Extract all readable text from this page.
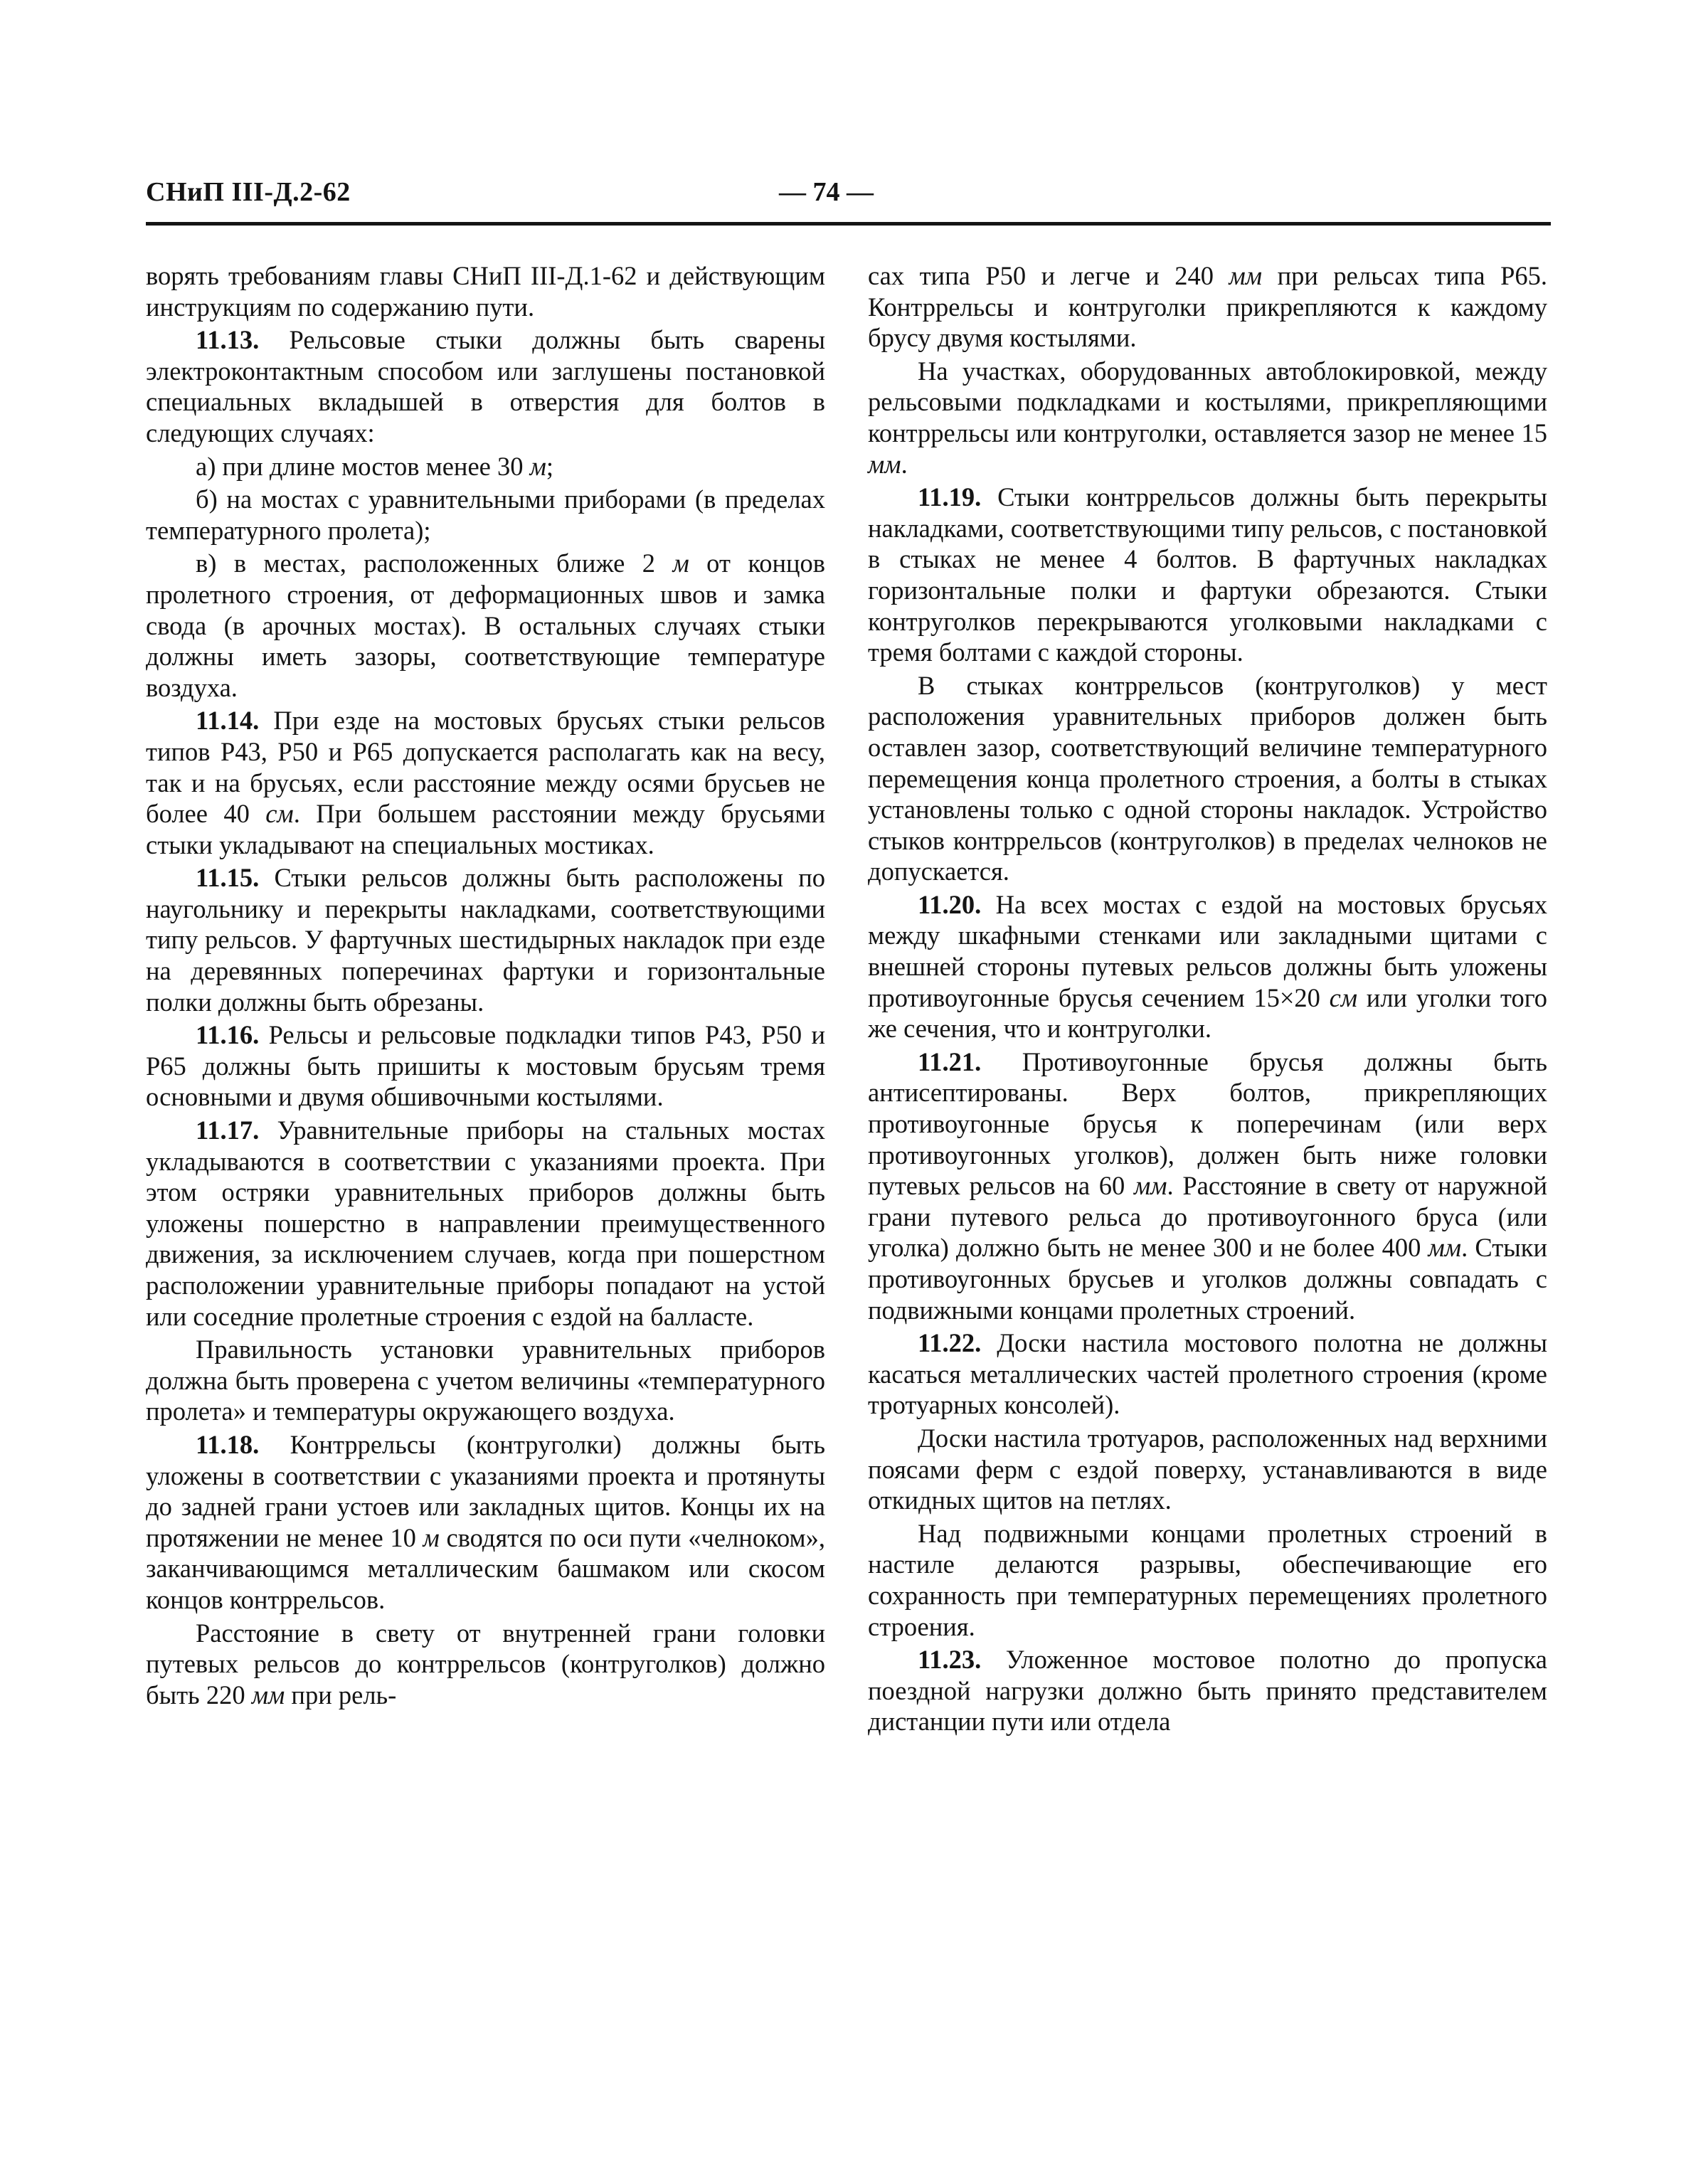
СНиП III-Д.2-62	— 74 —

ворять требованиям главы СНиП III-Д.1-62 и действующим инструкциям по содержанию пути.

11.13. Рельсовые стыки должны быть сварены электроконтактным способом или заглушены постановкой специальных вкладышей в отверстия для болтов в следующих случаях:

а) при длине мостов менее 30 м;

б) на мостах с уравнительными приборами (в пределах температурного пролета);

в) в местах, расположенных ближе 2 м от концов пролетного строения, от деформационных швов и замка свода (в арочных мостах). В остальных случаях стыки должны иметь зазоры, соответствующие температуре воздуха.

11.14. При езде на мостовых брусьях стыки рельсов типов Р43, Р50 и Р65 допускается располагать как на весу, так и на брусьях, если расстояние между осями брусьев не более 40 см. При большем расстоянии между брусьями стыки укладывают на специальных мостиках.

11.15. Стыки рельсов должны быть расположены по наугольнику и перекрыты накладками, соответствующими типу рельсов. У фартучных шестидырных накладок при езде на деревянных поперечинах фартуки и горизонтальные полки должны быть обрезаны.

11.16. Рельсы и рельсовые подкладки типов Р43, Р50 и Р65 должны быть пришиты к мостовым брусьям тремя основными и двумя обшивочными костылями.

11.17. Уравнительные приборы на стальных мостах укладываются в соответствии с указаниями проекта. При этом остряки уравнительных приборов должны быть уложены пошерстно в направлении преимущественного движения, за исключением случаев, когда при пошерстном расположении уравнительные приборы попадают на устой или соседние пролетные строения с ездой на балласте.

Правильность установки уравнительных приборов должна быть проверена с учетом величины «температурного пролета» и температуры окружающего воздуха.

11.18. Контррельсы (контруголки) должны быть уложены в соответствии с указаниями проекта и протянуты до задней грани устоев или закладных щитов. Концы их на протяжении не менее 10 м сводятся по оси пути «челноком», заканчивающимся металлическим башмаком или скосом концов контррельсов.

Расстояние в свету от внутренней грани головки путевых рельсов до контррельсов (контруголков) должно быть 220 мм при рель-

сах типа Р50 и легче и 240 мм при рельсах типа Р65. Контррельсы и контруголки прикрепляются к каждому брусу двумя костылями.

На участках, оборудованных автоблокировкой, между рельсовыми подкладками и костылями, прикрепляющими контррельсы или контруголки, оставляется зазор не менее 15 мм.

11.19. Стыки контррельсов должны быть перекрыты накладками, соответствующими типу рельсов, с постановкой в стыках не менее 4 болтов. В фартучных накладках горизонтальные полки и фартуки обрезаются. Стыки контруголков перекрываются уголковыми накладками с тремя болтами с каждой стороны.

В стыках контррельсов (контруголков) у мест расположения уравнительных приборов должен быть оставлен зазор, соответствующий величине температурного перемещения конца пролетного строения, а болты в стыках установлены только с одной стороны накладок. Устройство стыков контррельсов (контруголков) в пределах челноков не допускается.

11.20. На всех мостах с ездой на мостовых брусьях между шкафными стенками или закладными щитами с внешней стороны путевых рельсов должны быть уложены противоугонные брусья сечением 15×20 см или уголки того же сечения, что и контруголки.

11.21. Противоугонные брусья должны быть антисептированы. Верх болтов, прикрепляющих противоугонные брусья к поперечинам (или верх противоугонных уголков), должен быть ниже головки путевых рельсов на 60 мм. Расстояние в свету от наружной грани путевого рельса до противоугонного бруса (или уголка) должно быть не менее 300 и не более 400 мм. Стыки противоугонных брусьев и уголков должны совпадать с подвижными концами пролетных строений.

11.22. Доски настила мостового полотна не должны касаться металлических частей пролетного строения (кроме тротуарных консолей).

Доски настила тротуаров, расположенных над верхними поясами ферм с ездой поверху, устанавливаются в виде откидных щитов на петлях.

Над подвижными концами пролетных строений в настиле делаются разрывы, обеспечивающие его сохранность при температурных перемещениях пролетного строения.

11.23. Уложенное мостовое полотно до пропуска поездной нагрузки должно быть принято представителем дистанции пути или отдела
